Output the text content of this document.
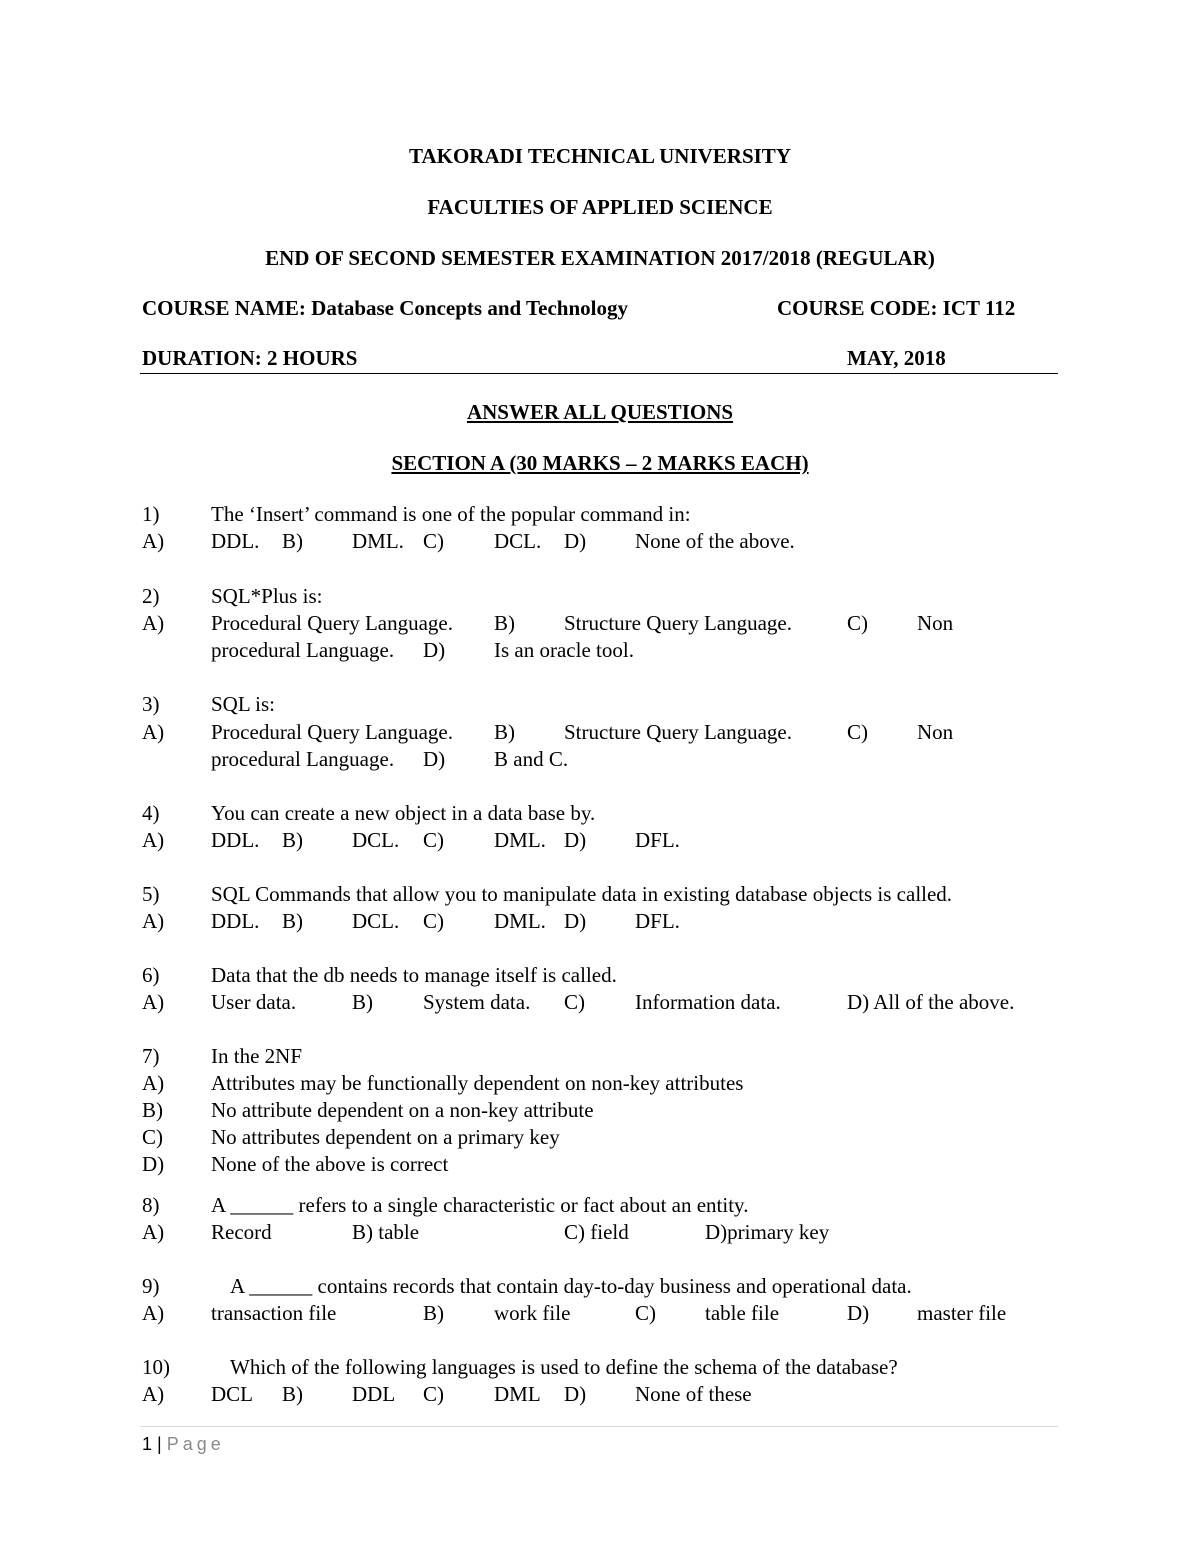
TAKORADI TECHNICAL UNIVERSITY
FACULTIES OF APPLIED SCIENCE
END OF SECOND SEMESTER EXAMINATION 2017/2018 (REGULAR)
COURSE NAME: Database Concepts and Technology	COURSE CODE: ICT 112
DURATION: 2 HOURS	MAY, 2018
ANSWER ALL QUESTIONS
SECTION A (30 MARKS – 2 MARKS EACH)
1) The ‘Insert’ command is one of the popular command in:
A) DDL. B) DML. C) DCL. D) None of the above.
2) SQL*Plus is:
A) Procedural Query Language. B) Structure Query Language.	C) Non
procedural Language. D) Is an oracle tool.
3) SQL is:
A) Procedural Query Language. B) Structure Query Language.	C) Non
procedural Language. D) B and C.
4) You can create a new object in a data base by.
A) DDL. B) DCL. C) DML. D) DFL.
5) SQL Commands that allow you to manipulate data in existing database objects is called.
A) DDL. B) DCL. C) DML. D) DFL.
6) Data that the db needs to manage itself is called.
A) User data.	B) System data. C) Information data.	D) All of the above.
7) In the 2NF
A) Attributes may be functionally dependent on non-key attributes
B) No attribute dependent on a non-key attribute
C) No attributes dependent on a primary key
D) None of the above is correct
8) A ______ refers to a single characteristic or fact about an entity.
A) Record	B) table	C) field	D)primary key
9)	A ______ contains records that contain day-to-day business and operational data.
A) transaction file	B) work file	C) table file	D) master file
10)	Which of the following languages is used to define the schema of the database?
A) DCL B) DDL C) DML D) None of these
1 | Page
